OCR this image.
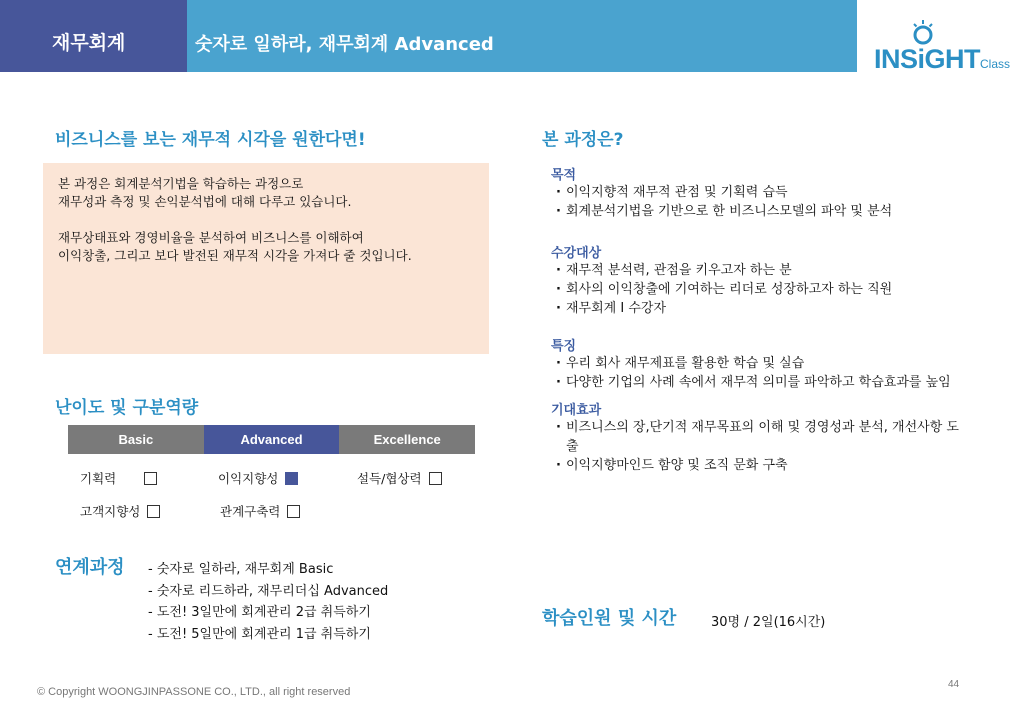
재무회계	숫자로 일하라, 재무회계 Advanced	INSiGHT Class
비즈니스를 보는 재무적 시각을 원한다면!

본 과정은 회계분석기법을 학습하는 과정으로

재무성과 측정 및 손익분석법에 대해 다루고 있습니다.

재무상태표와 경영비율을 분석하여 비즈니스를 이해하여

이익창출, 그리고 보다 발전된 재무적 시각을 가져다 줄 것입니다.

난이도 및 구분역량
Basic	Advanced	Excellence
기획력	이익지향성	설득/협상력
고객지향성	관계구축력
연계과정 - 숫자로 일하라, 재무회계 Basic
- 숫자로 리드하라, 재무리더십 Advanced
- 도전! 3일만에 회계관리 2급 취득하기
- 도전! 5일만에 회계관리 1급 취득하기
본 과정은?
목적
· 이익지향적 재무적 관점 및 기획력 습득
· 회계분석기법을 기반으로 한 비즈니스모델의 파악 및 분석
수강대상
· 재무적 분석력, 관점을 키우고자 하는 분
· 회사의 이익창출에 기여하는 리더로 성장하고자 하는 직원
· 재무회계 I 수강자
특징
· 우리 회사 재무제표를 활용한 학습 및 실습
· 다양한 기업의 사례 속에서 재무적 의미를 파악하고 학습효과를 높임
기대효과
· 비즈니스의 장,단기적 재무목표의 이해 및 경영성과 분석, 개선사항 도출
· 이익지향마인드 함양 및 조직 문화 구축
학습인원 및 시간	30명 / 2일(16시간)
© Copyright WOONGJINPASSONE CO., LTD., all right reserved
44
